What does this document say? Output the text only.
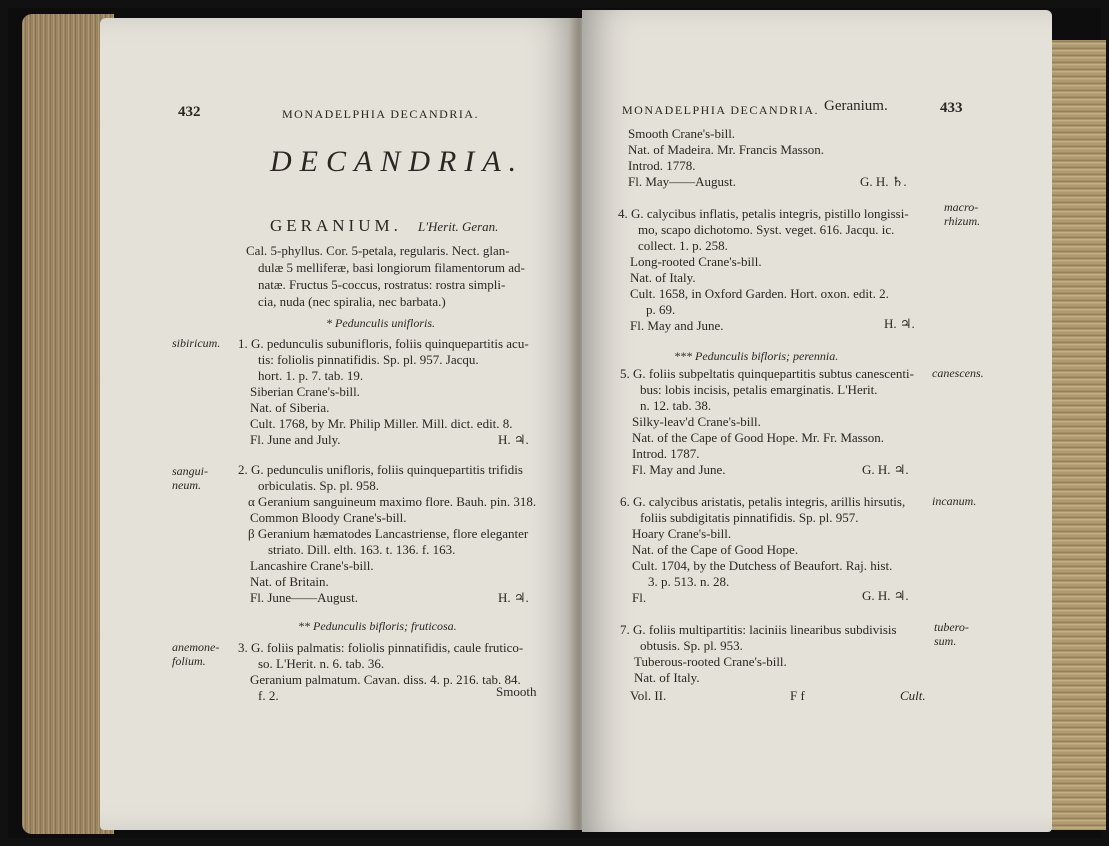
432	MONADELPHIA DECANDRIA.
DECANDRIA.
GERANIUM. L'Herit. Geran.
Cal. 5-phyllus. Cor. 5-petala, regularis. Nect. glan-
dulæ 5 melliferæ, basi longiorum filamentorum ad-
natæ. Fructus 5-coccus, rostratus: rostra simpli-
cia, nuda (nec spiralia, nec barbata.)
* Pedunculis unifloris.
sibiricum. 1. G. pedunculis subunifloris, foliis quinquepartitis acu-
tis: foliolis pinnatifidis. Sp. pl. 957. Jacqu.
hort. 1. p. 7. tab. 19.
Siberian Crane's-bill.
Nat. of Siberia.
Cult. 1768, by Mr. Philip Miller. Mill. dict. edit. 8.
Fl. June and July.	H. ♃.
sangui-
neum.
2. G. pedunculis unifloris, foliis quinquepartitis trifidis
orbiculatis. Sp. pl. 958.
α Geranium sanguineum maximo flore. Bauh. pin. 318.
Common Bloody Crane's-bill.
β Geranium hæmatodes Lancastriense, flore eleganter
striato. Dill. elth. 163. t. 136. f. 163.
Lancashire Crane's-bill.
Nat. of Britain.
Fl. June——August.	H. ♃.
** Pedunculis bifloris; fruticosa.
anemone-
folium.
3. G. foliis palmatis: foliolis pinnatifidis, caule frutico-
so. L'Herit. n. 6. tab. 36.
Geranium palmatum. Cavan. diss. 4. p. 216. tab. 84.
f. 2.	Smooth
MONADELPHIA DECANDRIA. Geranium.	433
Smooth Crane's-bill.
Nat. of Madeira. Mr. Francis Masson.
Introd. 1778.
Fl. May——August.	G. H. ♄.
macro-
rhizum.
4. G. calycibus inflatis, petalis integris, pistillo longissi-
mo, scapo dichotomo. Syst. veget. 616. Jacqu. ic.
collect. 1. p. 258.
Long-rooted Crane's-bill.
Nat. of Italy.
Cult. 1658, in Oxford Garden. Hort. oxon. edit. 2.
p. 69.
Fl. May and June.	H. ♃.
*** Pedunculis bifloris; perennia.
canescens.
5. G. foliis subpeltatis quinquepartitis subtus canescenti-
bus: lobis incisis, petalis emarginatis. L'Herit.
n. 12. tab. 38.
Silky-leav'd Crane's-bill.
Nat. of the Cape of Good Hope. Mr. Fr. Masson.
Introd. 1787.
Fl. May and June.	G. H. ♃.
incanum.
6. G. calycibus aristatis, petalis integris, arillis hirsutis,
foliis subdigitatis pinnatifidis. Sp. pl. 957.
Hoary Crane's-bill.
Nat. of the Cape of Good Hope.
Cult. 1704, by the Dutchess of Beaufort. Raj. hist.
3. p. 513. n. 28.
Fl.	G. H. ♃.
tubero-
sum.
7. G. foliis multipartitis: laciniis linearibus subdivisis
obtusis. Sp. pl. 953.
Tuberous-rooted Crane's-bill.
Nat. of Italy.
Vol. II.	F f	Cult.
